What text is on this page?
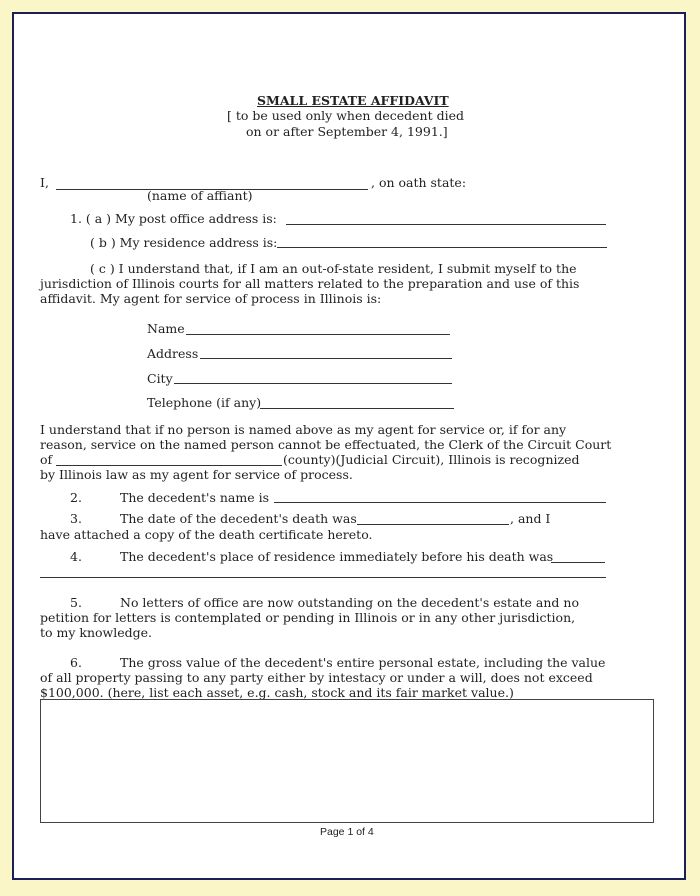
SMALL ESTATE AFFIDAVIT
[ to be used only when decedent died
on or after September 4, 1991.]
I,	, on oath state:
(name of affiant)
1. ( a ) My post office address is:
( b ) My residence address is:
( c ) I understand that, if I am an out-of-state resident, I submit myself to the
jurisdiction of Illinois courts for all matters related to the preparation and use of this
affidavit. My agent for service of process in Illinois is:
Name
Address
City
Telephone (if any)
I understand that if no person is named above as my agent for service or, if for any
reason, service on the named person cannot be effectuated, the Clerk of the Circuit Court
of	(county)(Judicial Circuit), Illinois is recognized
by Illinois law as my agent for service of process.
2.	The decedent's name is
3.	The date of the decedent's death was	, and I
have attached a copy of the death certificate hereto.
4.	The decedent's place of residence immediately before his death was
5.	No letters of office are now outstanding on the decedent's estate and no
petition for letters is contemplated or pending in Illinois or in any other jurisdiction,
to my knowledge.
6.	The gross value of the decedent's entire personal estate, including the value
of all property passing to any party either by intestacy or under a will, does not exceed
$100,000. (here, list each asset, e.g. cash, stock and its fair market value.)
Page 1 of 4
